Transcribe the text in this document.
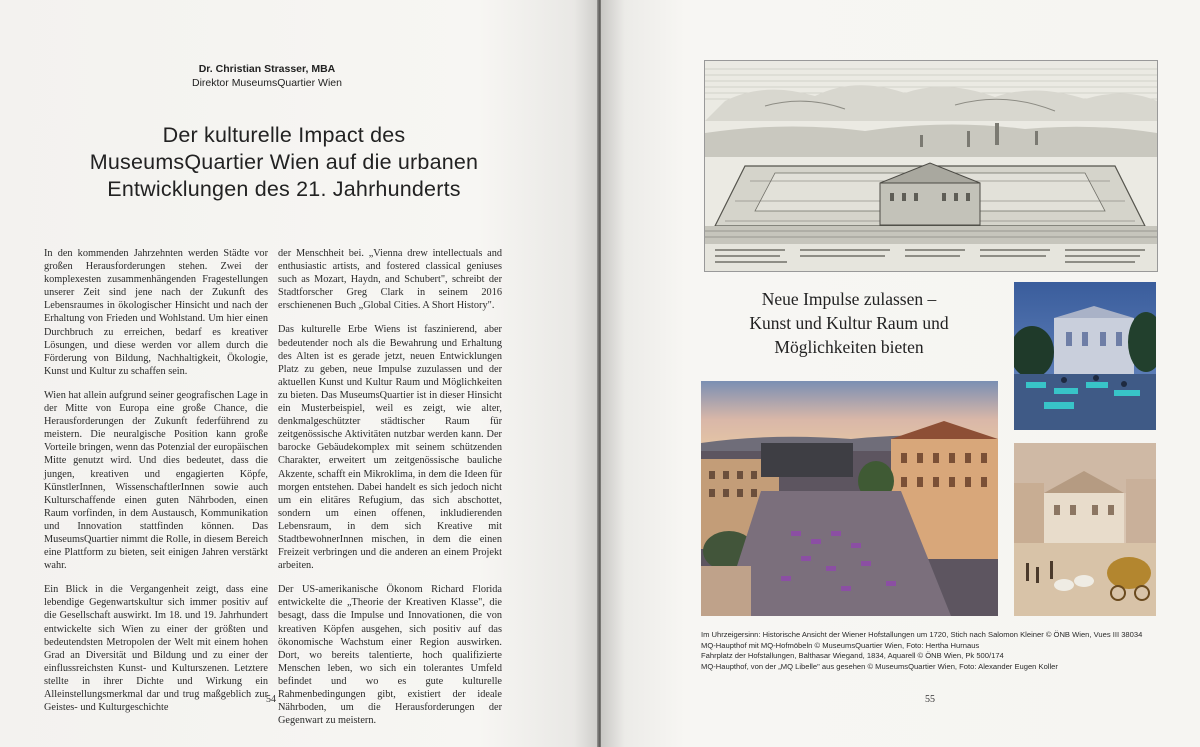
Dr. Christian Strasser, MBA
Direktor MuseumsQuartier Wien
Der kulturelle Impact des
MuseumsQuartier Wien auf die urbanen
Entwicklungen des 21. Jahrhunderts

In den kommenden Jahrzehnten werden Städte vor großen Herausforderungen stehen. Zwei der komplexesten zusammenhängenden Fragestellungen unserer Zeit sind jene nach der Zukunft des Lebensraumes in ökologischer Hinsicht und nach der Erhaltung von Frieden und Wohlstand. Um hier einen Durchbruch zu erreichen, bedarf es kreativer Lösungen, und diese werden vor allem durch die Förderung von Bildung, Nachhaltigkeit, Ökologie, Kunst und Kultur zu schaffen sein.

Wien hat allein aufgrund seiner geografischen Lage in der Mitte von Europa eine große Chance, die Herausforderungen der Zukunft federführend zu meistern. Die neuralgische Position kann große Vorteile bringen, wenn das Potenzial der europäischen Mitte genutzt wird. Und dies bedeutet, dass die jungen, kreativen und engagierten Köpfe, KünstlerInnen, WissenschaftlerInnen sowie auch Kulturschaffende einen guten Nährboden, einen Raum vorfinden, in dem Austausch, Kommunikation und Innovation stattfinden können. Das MuseumsQuartier nimmt die Rolle, in diesem Bereich eine Plattform zu bieten, seit einigen Jahren verstärkt wahr.

Ein Blick in die Vergangenheit zeigt, dass eine lebendige Gegenwartskultur sich immer positiv auf die Gesellschaft auswirkt. Im 18. und 19. Jahrhundert entwickelte sich Wien zu einer der größten und bedeutendsten Metropolen der Welt mit einem hohen Grad an Diversität und Bildung und zu einer der einflussreichsten Kunst- und Kulturszenen. Letztere stellte in ihrer Dichte und Wirkung ein Alleinstellungsmerkmal dar und trug maßgeblich zur Geistes- und Kulturgeschichte

der Menschheit bei. „Vienna drew intellectuals and enthusiastic artists, and fostered classical geniuses such as Mozart, Haydn, and Schubert", schreibt der Stadtforscher Greg Clark in seinem 2016 erschienenen Buch „Global Cities. A Short History".

Das kulturelle Erbe Wiens ist faszinierend, aber bedeutender noch als die Bewahrung und Erhaltung des Alten ist es gerade jetzt, neuen Entwicklungen Platz zu geben, neue Impulse zuzulassen und der aktuellen Kunst und Kultur Raum und Möglichkeiten zu bieten. Das MuseumsQuartier ist in dieser Hinsicht ein Musterbeispiel, weil es zeigt, wie alter, denkmalgeschützter städtischer Raum für zeitgenössische Aktivitäten nutzbar werden kann. Der barocke Gebäudekomplex mit seinem schützenden Charakter, erweitert um zeitgenössische bauliche Akzente, schafft ein Mikroklima, in dem die Ideen für morgen entstehen. Dabei handelt es sich jedoch nicht um ein elitäres Refugium, das sich abschottet, sondern um einen offenen, inkludierenden Lebensraum, in dem sich Kreative mit StadtbewohnerInnen mischen, in dem die einen Freizeit verbringen und die anderen an einem Projekt arbeiten.

Der US-amerikanische Ökonom Richard Florida entwickelte die „Theorie der Kreativen Klasse", die besagt, dass die Impulse und Innovationen, die von kreativen Köpfen ausgehen, sich positiv auf das ökonomische Wachstum einer Region auswirken. Dort, wo bereits talentierte, hoch qualifizierte Menschen leben, wo sich ein tolerantes Umfeld befindet und wo es gute kulturelle Rahmenbedingungen gibt, existiert der ideale Nährboden, um die Herausforderungen der Gegenwart zu meistern.

54
Neue Impulse zulassen –
Kunst und Kultur Raum und
Möglichkeiten bieten
Im Uhrzeigersinn: Historische Ansicht der Wiener Hofstallungen um 1720, Stich nach Salomon Kleiner © ÖNB Wien, Vues III 38034
MQ-Haupthof mit MQ-Hofmöbeln © MuseumsQuartier Wien, Foto: Hertha Hurnaus
Fahrplatz der Hofstallungen, Balthasar Wiegand, 1834, Aquarell © ÖNB Wien, Pk 500/174
MQ-Haupthof, von der „MQ Libelle" aus gesehen © MuseumsQuartier Wien, Foto: Alexander Eugen Koller
55
